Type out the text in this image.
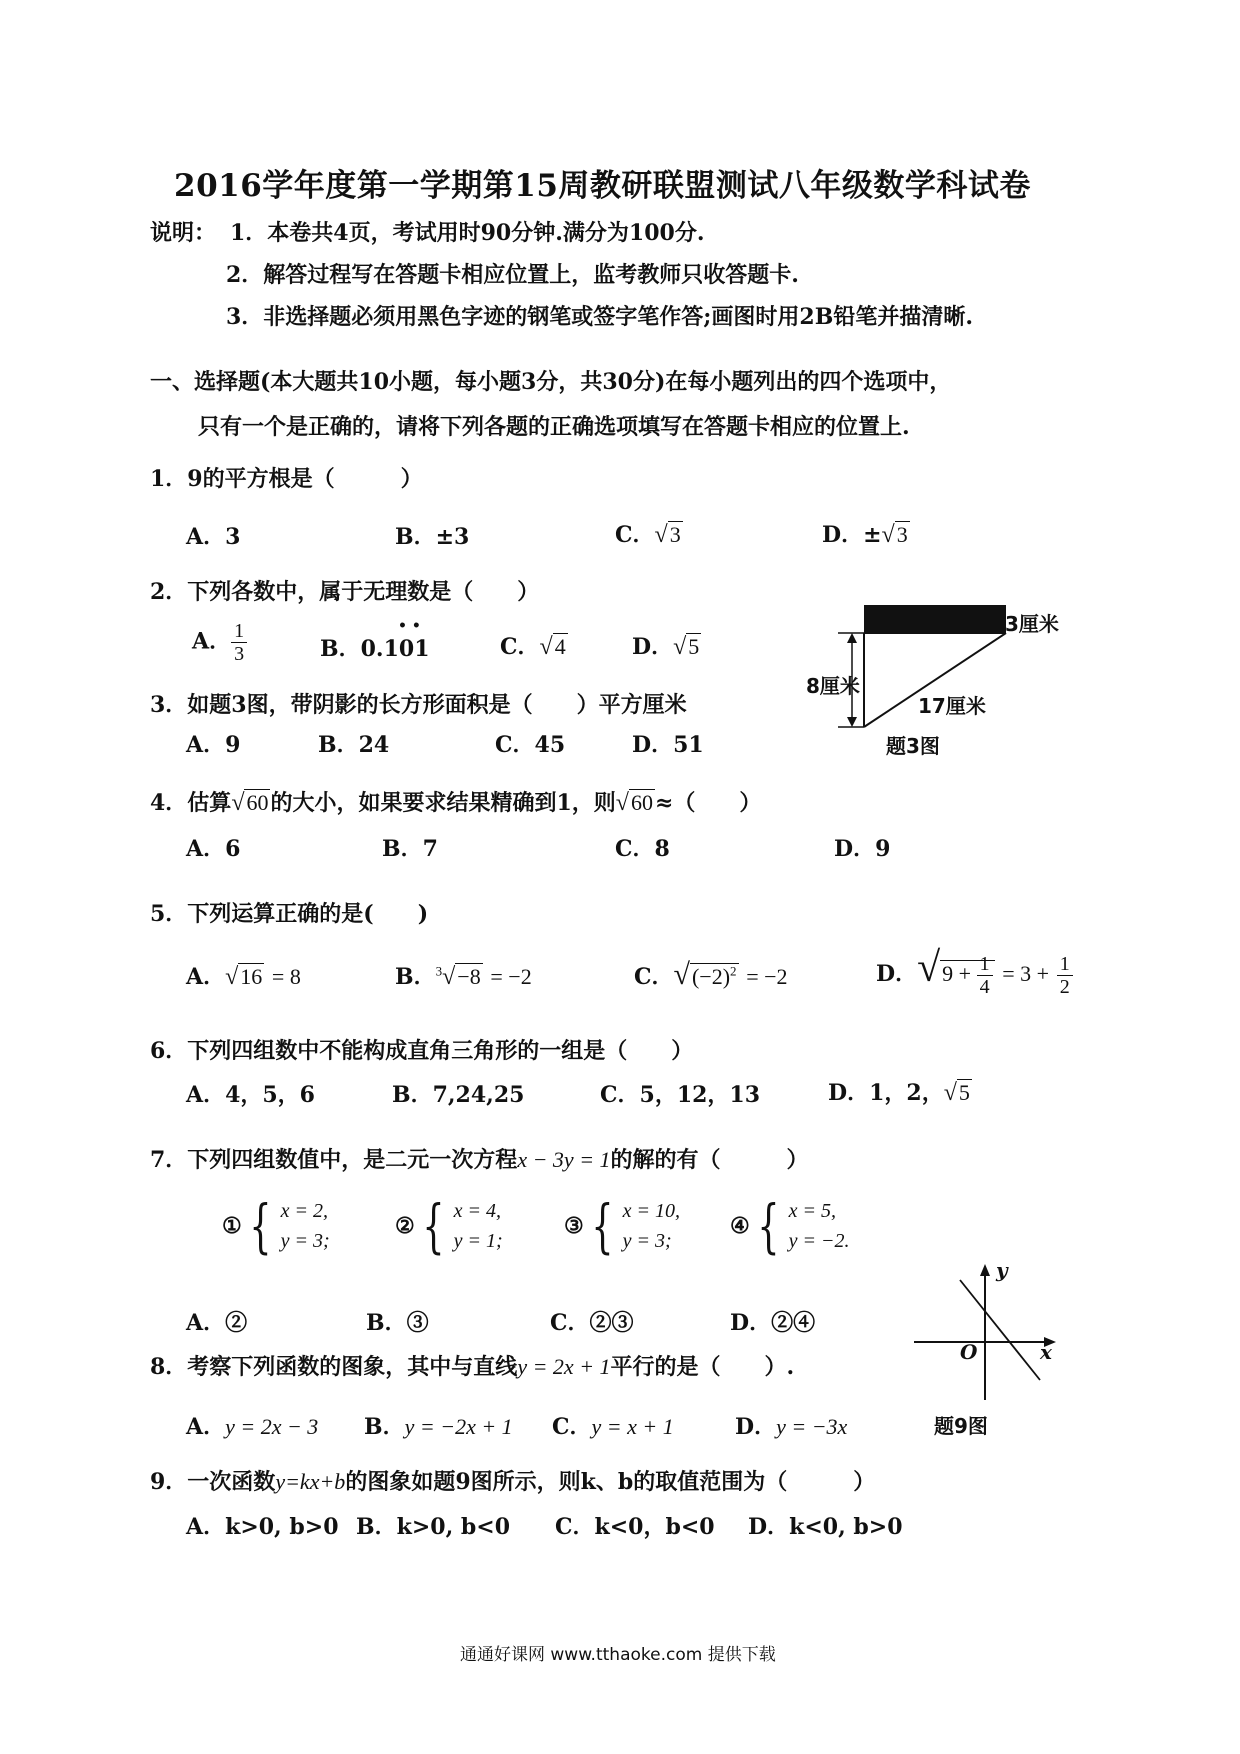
2016学年度第一学期第15周教研联盟测试八年级数学科试卷
说明： 1．本卷共4页，考试用时90分钟.满分为100分.
2．解答过程写在答题卡相应位置上，监考教师只收答题卡.
3．非选择题必须用黑色字迹的钢笔或签字笔作答;画图时用2B铅笔并描清晰.
一、选择题(本大题共10小题，每小题3分，共30分)在每小题列出的四个选项中，
只有一个是正确的，请将下列各题的正确选项填写在答题卡相应的位置上.
1．9的平方根是（　　　）
A．3	B．±3	C．√3	D．±√3
2．下列各数中，属于无理数是（　　）
A． $\frac{1}{3}$	B．0.101
• •
C．√4	D．√5
3厘米
8厘米
17厘米
题3图
3．如题3图，带阴影的长方形面积是（　　）平方厘米
A．9	B．24	C．45	D．51
4．估算√60的大小，如果要求结果精确到1，则√60≈（　　）
A．6	B．7	C．8	D．9
5．下列运算正确的是(　　)
A．√16 = 8	B．$^3$√−8 = −2	C．$√(-2)^2 = -2$	D．$√9 + \frac{1}{4} = 3 + \frac{1}{2}$
6．下列四组数中不能构成直角三角形的一组是（　　）
A．4，5，6	B．7,24,25	C．5，12，13	D．1，2，√5
7．下列四组数值中，是二元一次方程x − 3y = 1的解的有（　　　）
① { x = 2,
y = 3;
② { x = 4,
y = 1;
③ { x = 10,
y = 3;
④ { x = 5,
y = −2.
A．②	B．③	C．②③	D．②④
y
x
O
题9图
8．考察下列函数的图象，其中与直线y = 2x + 1平行的是（　　）.
A．y = 2x − 3 B．y = −2x + 1 C．y = x + 1	D．y = −3x
9．一次函数y=kx+b的图象如题9图所示，则k、b的取值范围为（　　　）
A．k>0, b>0 B．k>0, b<0 C．k<0，b<0 D．k<0, b>0
通通好课网 www.tthaoke.com 提供下载
